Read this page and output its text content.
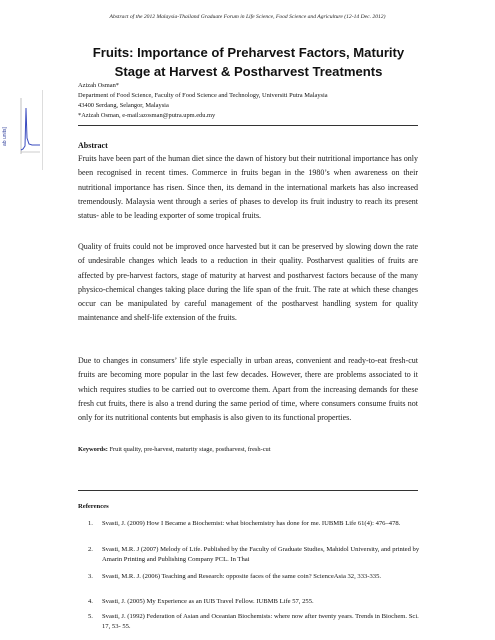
Abstract of the 2012 Malaysia-Thailand Graduate Forum in Life Science, Food Science and Agriculture (12-14 Dec. 2012)
Fruits: Importance of Preharvest Factors, Maturity
Stage at Harvest & Postharvest Treatments
Azizah Osman*
Department of Food Science, Faculty of Food Science and Technology, Universiti Putra Malaysia
43400 Serdang, Selangor, Malaysia
*Azizah Osman, e-mail:azosman@putra.upm.edu.my
ab units]	Abstract
Fruits have been part of the human diet since the dawn of history but their nutritional importance has only been recognised in recent times. Commerce in fruits began in the 1980’s when awareness on their nutritional importance has risen. Since then, its demand in the international markets has also increased tremendously. Malaysia went through a series of phases to develop its fruit industry to reach its present status- able to be leading exporter of some tropical fruits.
Quality of fruits could not be improved once harvested but it can be preserved by slowing down the rate of undesirable changes which leads to a reduction in their quality. Postharvest qualities of fruits are affected by pre-harvest factors, stage of maturity at harvest and postharvest factors because of the many physico-chemical changes taking place during the life span of the fruit. The rate at which these changes occur can be manipulated by careful management of the postharvest handling system for quality maintenance and shelf-life extension of the fruits.
Due to changes in consumers’ life style especially in urban areas, convenient and ready-to-eat fresh-cut fruits are becoming more popular in the last few decades. However, there are problems associated to it which requires studies to be carried out to overcome them. Apart from the increasing demands for these fresh cut fruits, there is also a trend during the same period of time, where consumers consume fruits not only for its nutritional contents but emphasis is also given to its functional properties.
Keywords: Fruit quality, pre-harvest, maturity stage, postharvest, fresh-cut
References
1. Svasti, J. (2009) How I Became a Biochemist: what biochemistry has done for me. IUBMB Life 61(4): 476–478.
2. Svasti, M.R. J (2007) Melody of Life. Published by the Faculty of Graduate Studies, Mahidol University, and printed by Amarin Printing and Publishing Company PCL. In Thai
3. Svasti, M.R. J. (2006) Teaching and Research: opposite faces of the same coin? ScienceAsia 32, 333-335.
4. Svasti, J. (2005) My Experience as an IUB Travel Fellow. IUBMB Life 57, 255.
5. Svasti, J. (1992) Federation of Asian and Oceanian Biochemists: where now after twenty years. Trends in Biochem. Sci. 17, 53- 55.
